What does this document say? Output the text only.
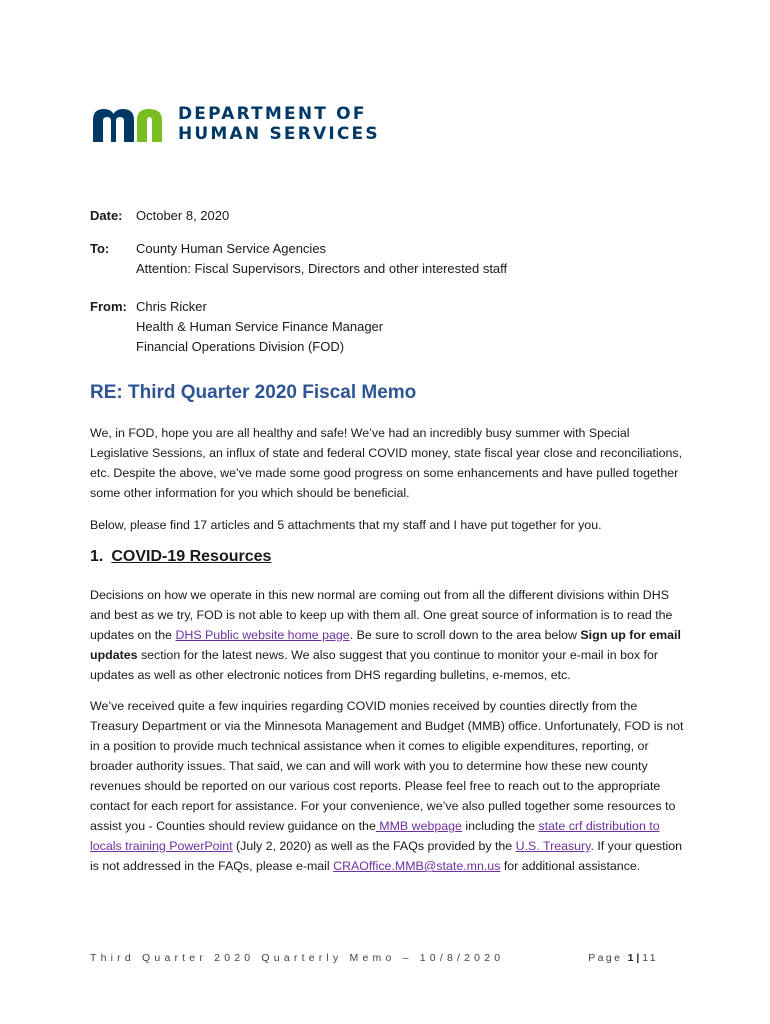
DEPARTMENT OF
HUMAN SERVICES
Date:	October 8, 2020
To:	County Human Service Agencies
Attention: Fiscal Supervisors, Directors and other interested staff
From: Chris Ricker
Health & Human Service Finance Manager
Financial Operations Division (FOD)
RE: Third Quarter 2020 Fiscal Memo

We, in FOD, hope you are all healthy and safe! We’ve had an incredibly busy summer with Special Legislative Sessions, an influx of state and federal COVID money, state fiscal year close and reconciliations, etc. Despite the above, we’ve made some good progress on some enhancements and have pulled together some other information for you which should be beneficial.

Below, please find 17 articles and 5 attachments that my staff and I have put together for you.

1. COVID-19 Resources

Decisions on how we operate in this new normal are coming out from all the different divisions within DHS and best as we try, FOD is not able to keep up with them all. One great source of information is to read the updates on the DHS Public website home page. Be sure to scroll down to the area below Sign up for email updates section for the latest news. We also suggest that you continue to monitor your e-mail in box for updates as well as other electronic notices from DHS regarding bulletins, e-memos, etc.

We’ve received quite a few inquiries regarding COVID monies received by counties directly from the Treasury Department or via the Minnesota Management and Budget (MMB) office. Unfortunately, FOD is not in a position to provide much technical assistance when it comes to eligible expenditures, reporting, or broader authority issues. That said, we can and will work with you to determine how these new county revenues should be reported on our various cost reports. Please feel free to reach out to the appropriate contact for each report for assistance. For your convenience, we’ve also pulled together some resources to assist you - Counties should review guidance on the MMB webpage including the state crf distribution to locals training PowerPoint (July 2, 2020) as well as the FAQs provided by the U.S. Treasury. If your question is not addressed in the FAQs, please e-mail CRAOffice.MMB@state.mn.us for additional assistance.

Third Quarter 2020 Quarterly Memo – 10/8/2020	Page 1 | 11
